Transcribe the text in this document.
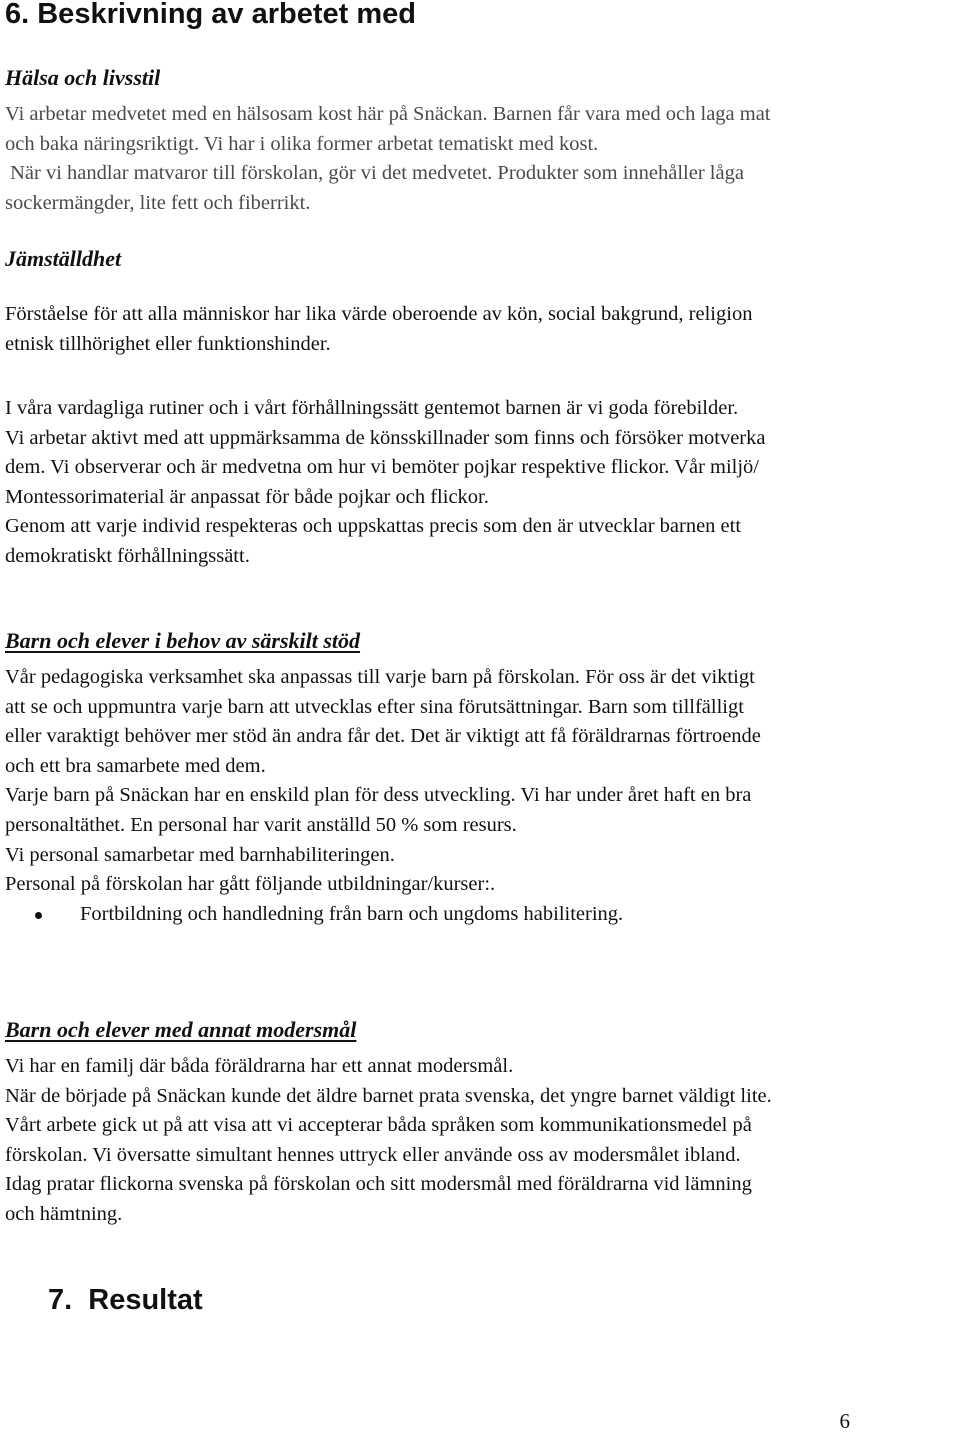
6. Beskrivning av arbetet med
Hälsa och livsstil
Vi arbetar medvetet med en hälsosam kost här på Snäckan. Barnen får vara med och laga mat
och baka näringsriktigt. Vi har i olika former arbetat tematiskt med kost.
När vi handlar matvaror till förskolan, gör vi det medvetet. Produkter som innehåller låga
sockermängder, lite fett och fiberrikt.
Jämställdhet
Förståelse för att alla människor har lika värde oberoende av kön, social bakgrund, religion
etnisk tillhörighet eller funktionshinder.
I våra vardagliga rutiner och i vårt förhållningssätt gentemot barnen är vi goda förebilder.
Vi arbetar aktivt med att uppmärksamma de könsskillnader som finns och försöker motverka
dem. Vi observerar och är medvetna om hur vi bemöter pojkar respektive flickor. Vår miljö/
Montessorimaterial är anpassat för både pojkar och flickor.
Genom att varje individ respekteras och uppskattas precis som den är utvecklar barnen ett
demokratiskt förhållningssätt.
Barn och elever i behov av särskilt stöd
Vår pedagogiska verksamhet ska anpassas till varje barn på förskolan. För oss är det viktigt
att se och uppmuntra varje barn att utvecklas efter sina förutsättningar. Barn som tillfälligt
eller varaktigt behöver mer stöd än andra får det. Det är viktigt att få föräldrarnas förtroende
och ett bra samarbete med dem.
Varje barn på Snäckan har en enskild plan för dess utveckling. Vi har under året haft en bra
personaltäthet. En personal har varit anställd 50 % som resurs.
Vi personal samarbetar med barnhabiliteringen.
Personal på förskolan har gått följande utbildningar/kurser:.
Fortbildning och handledning från barn och ungdoms habilitering.
Barn och elever med annat modersmål
Vi har en familj där båda föräldrarna har ett annat modersmål.
När de började på Snäckan kunde det äldre barnet prata svenska, det yngre barnet väldigt lite.
Vårt arbete gick ut på att visa att vi accepterar båda språken som kommunikationsmedel på
förskolan. Vi översatte simultant hennes uttryck eller använde oss av modersmålet ibland.
Idag pratar flickorna svenska på förskolan och sitt modersmål med föräldrarna vid lämning
och hämtning.
7. Resultat
6
